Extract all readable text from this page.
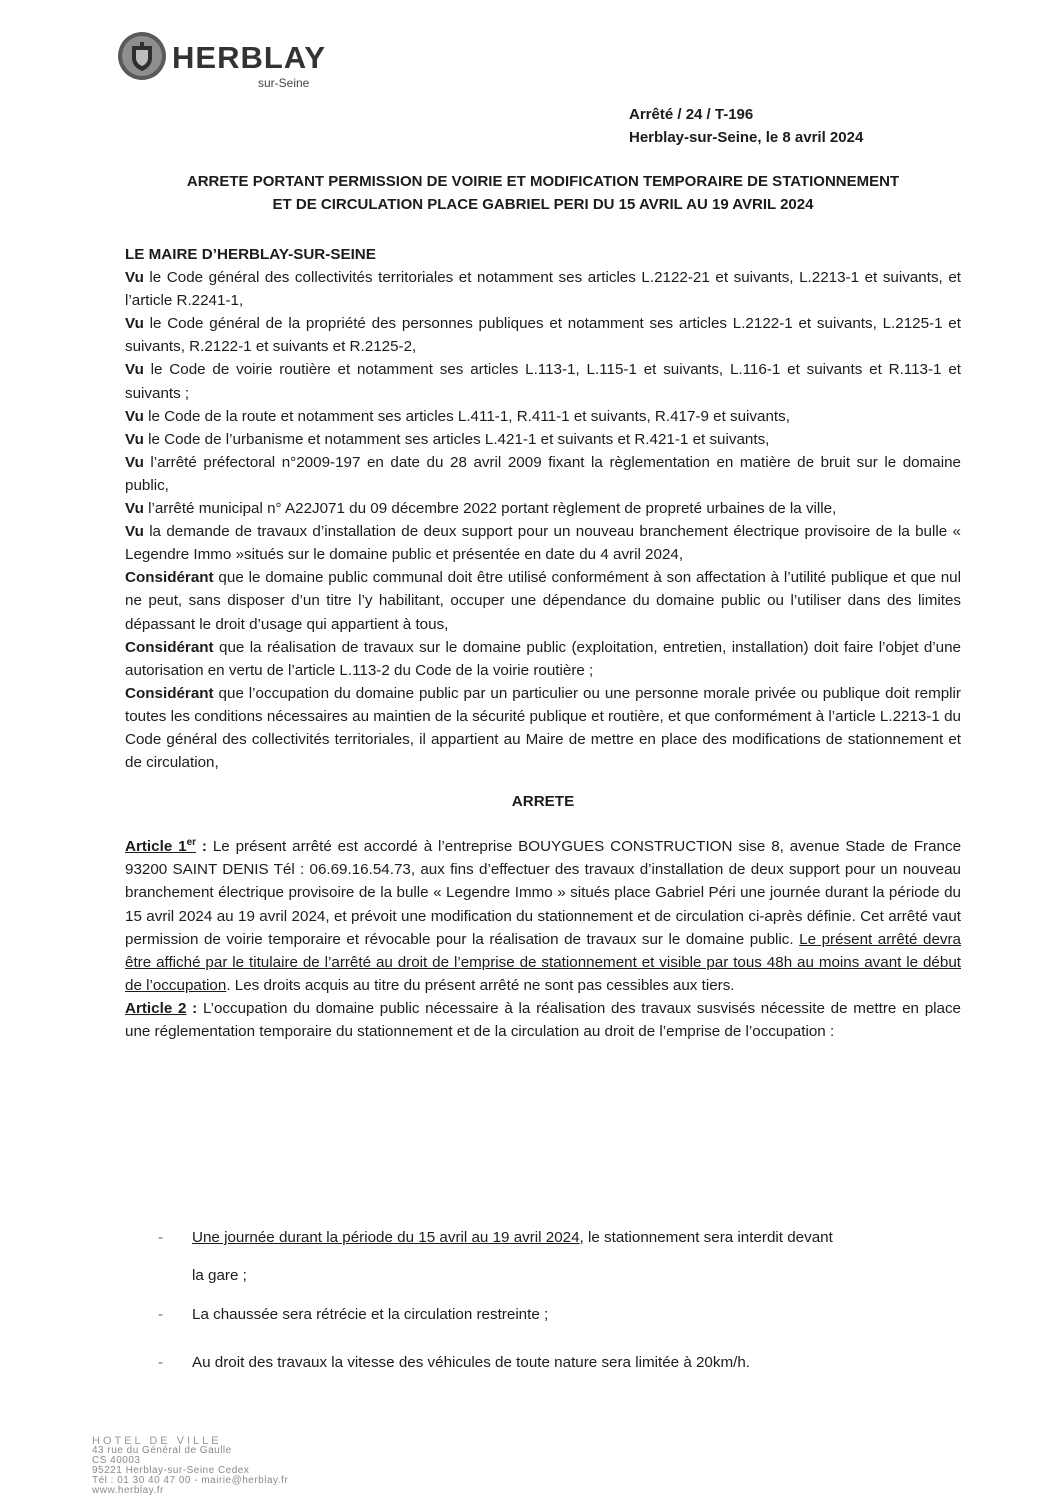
HERBLAY
sur-Seine
Arrêté / 24 / T-196
Herblay-sur-Seine, le 8 avril 2024
ARRETE PORTANT PERMISSION DE VOIRIE ET MODIFICATION TEMPORAIRE DE STATIONNEMENT
ET DE CIRCULATION PLACE GABRIEL PERI DU 15 AVRIL AU 19 AVRIL 2024

LE MAIRE D’HERBLAY-SUR-SEINE

Vu le Code général des collectivités territoriales et notamment ses articles L.2122-21 et suivants, L.2213-1 et suivants, et l’article R.2241-1,

Vu le Code général de la propriété des personnes publiques et notamment ses articles L.2122-1 et suivants, L.2125-1 et suivants, R.2122-1 et suivants et R.2125-2,

Vu le Code de voirie routière et notamment ses articles L.113-1, L.115-1 et suivants, L.116-1 et suivants et R.113-1 et suivants ;

Vu le Code de la route et notamment ses articles L.411-1, R.411-1 et suivants, R.417-9 et suivants,

Vu le Code de l’urbanisme et notamment ses articles L.421-1 et suivants et R.421-1 et suivants,

Vu l’arrêté préfectoral n°2009-197 en date du 28 avril 2009 fixant la règlementation en matière de bruit sur le domaine public,

Vu l’arrêté municipal n° A22J071 du 09 décembre 2022 portant règlement de propreté urbaines de la ville,

Vu la demande de travaux d’installation de deux support pour un nouveau branchement électrique provisoire de la bulle « Legendre Immo »situés sur le domaine public et présentée en date du 4 avril 2024,

Considérant que le domaine public communal doit être utilisé conformément à son affectation à l’utilité publique et que nul ne peut, sans disposer d’un titre l’y habilitant, occuper une dépendance du domaine public ou l’utiliser dans des limites dépassant le droit d’usage qui appartient à tous,

Considérant que la réalisation de travaux sur le domaine public (exploitation, entretien, installation) doit faire l’objet d’une autorisation en vertu de l’article L.113-2 du Code de la voirie routière ;

Considérant que l’occupation du domaine public par un particulier ou une personne morale privée ou publique doit remplir toutes les conditions nécessaires au maintien de la sécurité publique et routière, et que conformément à l’article L.2213-1 du Code général des collectivités territoriales, il appartient au Maire de mettre en place des modifications de stationnement et de circulation,

ARRETE

Article 1er : Le présent arrêté est accordé à l’entreprise BOUYGUES CONSTRUCTION sise 8, avenue Stade de France 93200 SAINT DENIS Tél : 06.69.16.54.73, aux fins d’effectuer des travaux d’installation de deux support pour un nouveau branchement électrique provisoire de la bulle « Legendre Immo » situés place Gabriel Péri une journée durant la période du 15 avril 2024 au 19 avril 2024, et prévoit une modification du stationnement et de circulation ci-après définie. Cet arrêté vaut permission de voirie temporaire et révocable pour la réalisation de travaux sur le domaine public. Le présent arrêté devra être affiché par le titulaire de l’arrêté au droit de l’emprise de stationnement et visible par tous 48h au moins avant le début de l’occupation. Les droits acquis au titre du présent arrêté ne sont pas cessibles aux tiers.

Article 2 : L’occupation du domaine public nécessaire à la réalisation des travaux susvisés nécessite de mettre en place une réglementation temporaire du stationnement et de la circulation au droit de l’emprise de l’occupation :

- Une journée durant la période du 15 avril au 19 avril 2024, le stationnement sera interdit devant
la gare ;
- La chaussée sera rétrécie et la circulation restreinte ;
- Au droit des travaux la vitesse des véhicules de toute nature sera limitée à 20km/h.
HOTEL DE VILLE
43 rue du Général de Gaulle
CS 40003
95221 Herblay-sur-Seine Cedex
Tél : 01 30 40 47 00 - mairie@herblay.fr
www.herblay.fr
